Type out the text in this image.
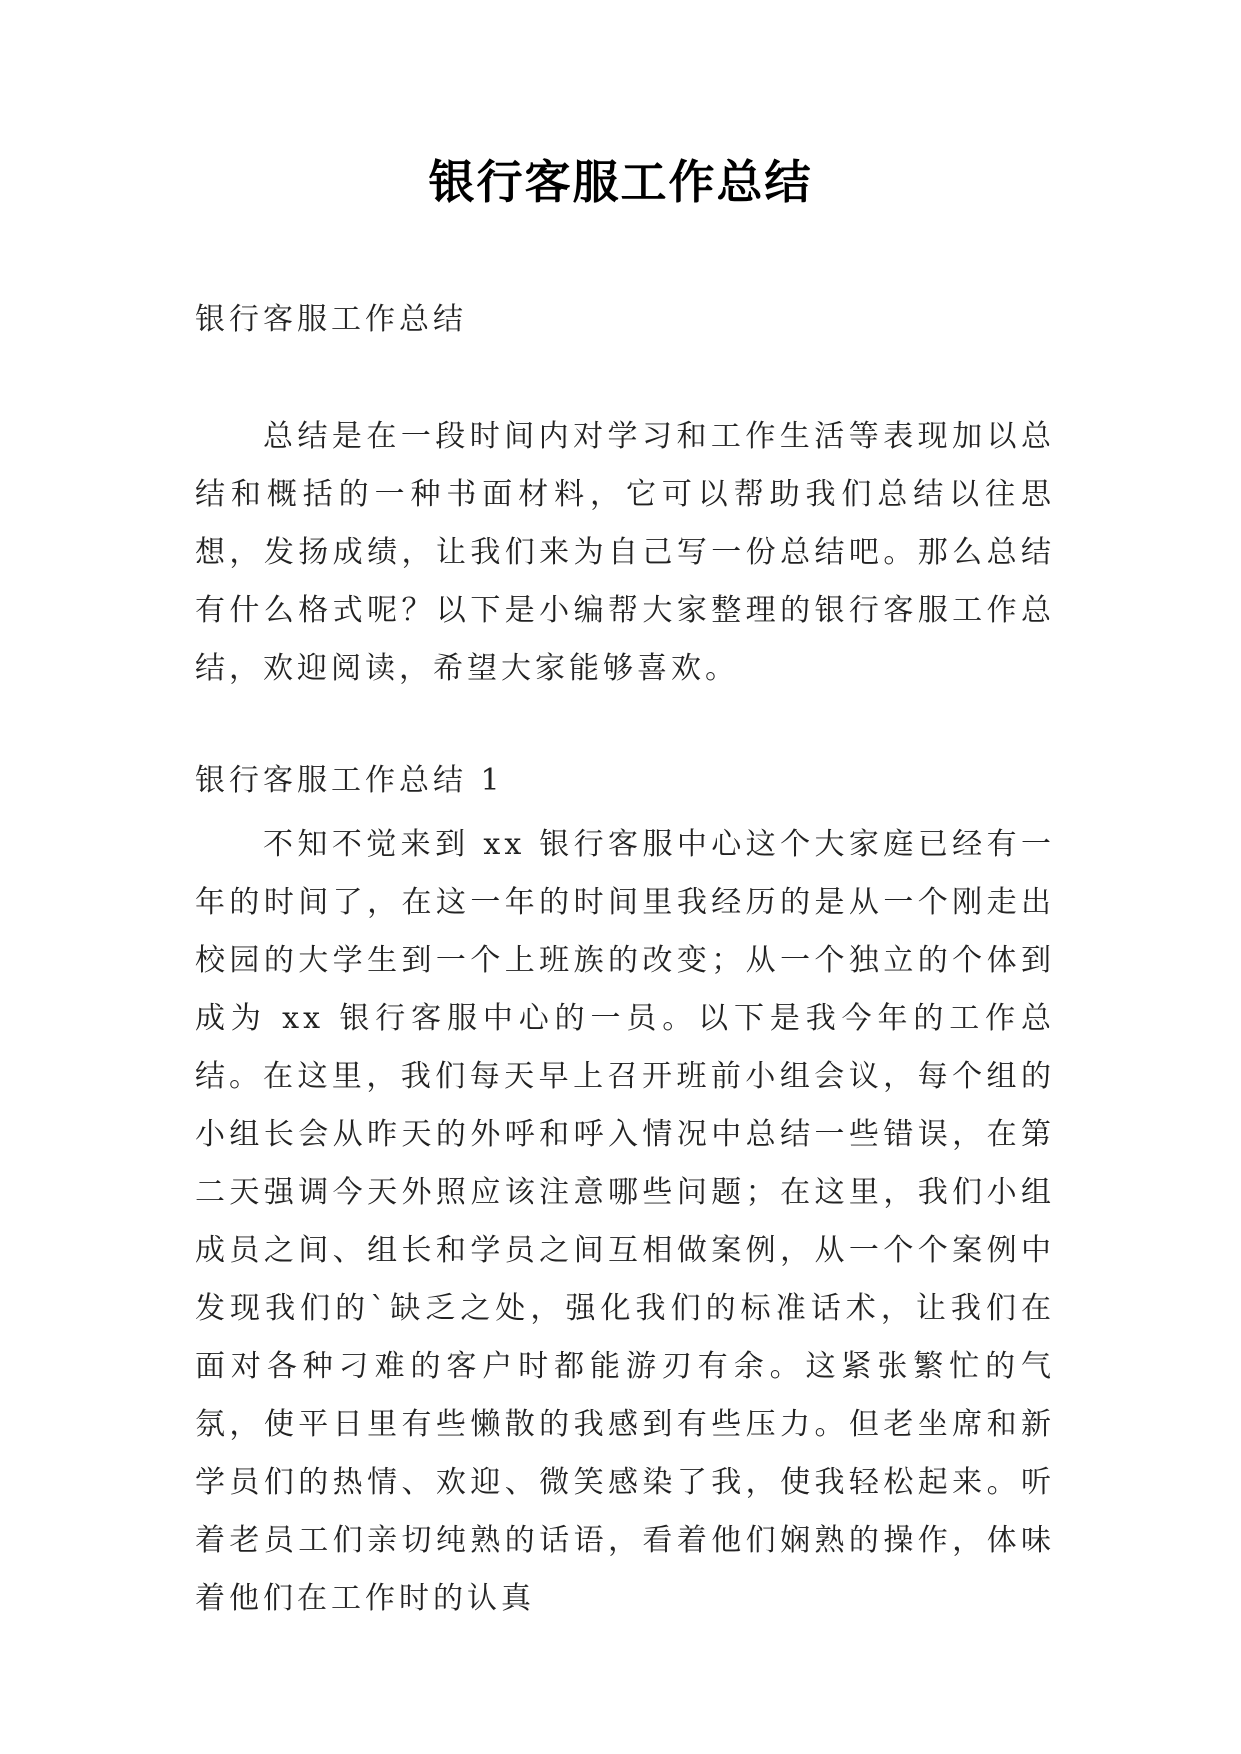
银行客服工作总结
银行客服工作总结
总结是在一段时间内对学习和工作生活等表现加以总结和概括的一种书面材料，它可以帮助我们总结以往思想，发扬成绩，让我们来为自己写一份总结吧。那么总结有什么格式呢？以下是小编帮大家整理的银行客服工作总结，欢迎阅读，希望大家能够喜欢。
银行客服工作总结 1
不知不觉来到 xx 银行客服中心这个大家庭已经有一年的时间了，在这一年的时间里我经历的是从一个刚走出校园的大学生到一个上班族的改变；从一个独立的个体到成为 xx 银行客服中心的一员。以下是我今年的工作总结。 在这里，我们每天早上召开班前小组会议，每个组的小组长会从昨天的外呼和呼入情况中总结一些错误，在第二天强调今天外照应该注意哪些问题；在这里，我们小组成员之间、组长和学员之间互相做案例，从一个个案例中发现我们的`缺乏之处，强化我们的标准话术，让我们在面对各种刁难的客户时都能游刃有余。这紧张繁忙的气氛，使平日里有些懒散的我感到有些压力。但老坐席和新学员们的热情、欢迎、微笑感染了我，使我轻松起来。听着老员工们亲切纯熟的话语，看着他们娴熟的操作，体味着他们在工作时的认真
